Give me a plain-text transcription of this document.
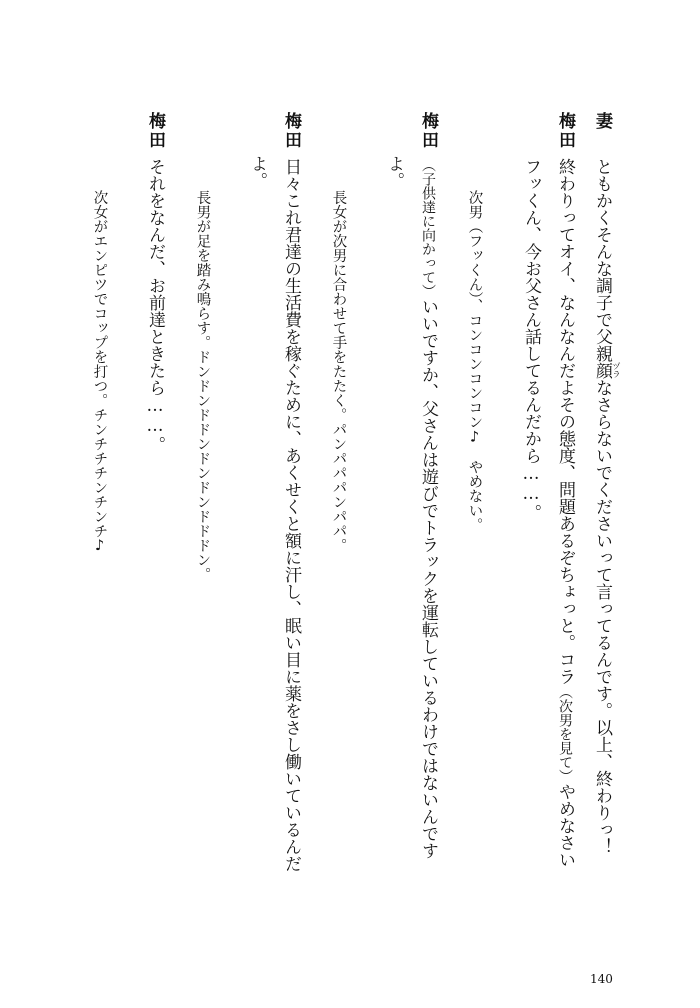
妻
ともかくそんな調子で父親顔なさらないでくださいって言ってるんです。以上、終わりっ！ ヅラ
梅田
終わりってオイ、なんなんだよその態度、問題あるぞちょっと。コラ（次男を見て）やめなさい
フッくん、今お父さん話してるんだから……。
次男（フッくん）、コンコンコンコン♪　やめない。
梅田
（子供達に向かって）いいですか、父さんは遊びでトラックを運転しているわけではないんです
よ。
長女が次男に合わせて手をたたく。パンパパパンパパ。
梅田
日々これ君達の生活費を稼ぐために、あくせくと額に汗し、眠い目に薬をさし働いているんだ
よ。
長男が足を踏み鳴らす。ドンドンドドンドンドンドドドン。
梅田
それをなんだ、お前達ときたら……。
次女がエンピツでコップを打つ。チンチチチンチンチ♪
140
